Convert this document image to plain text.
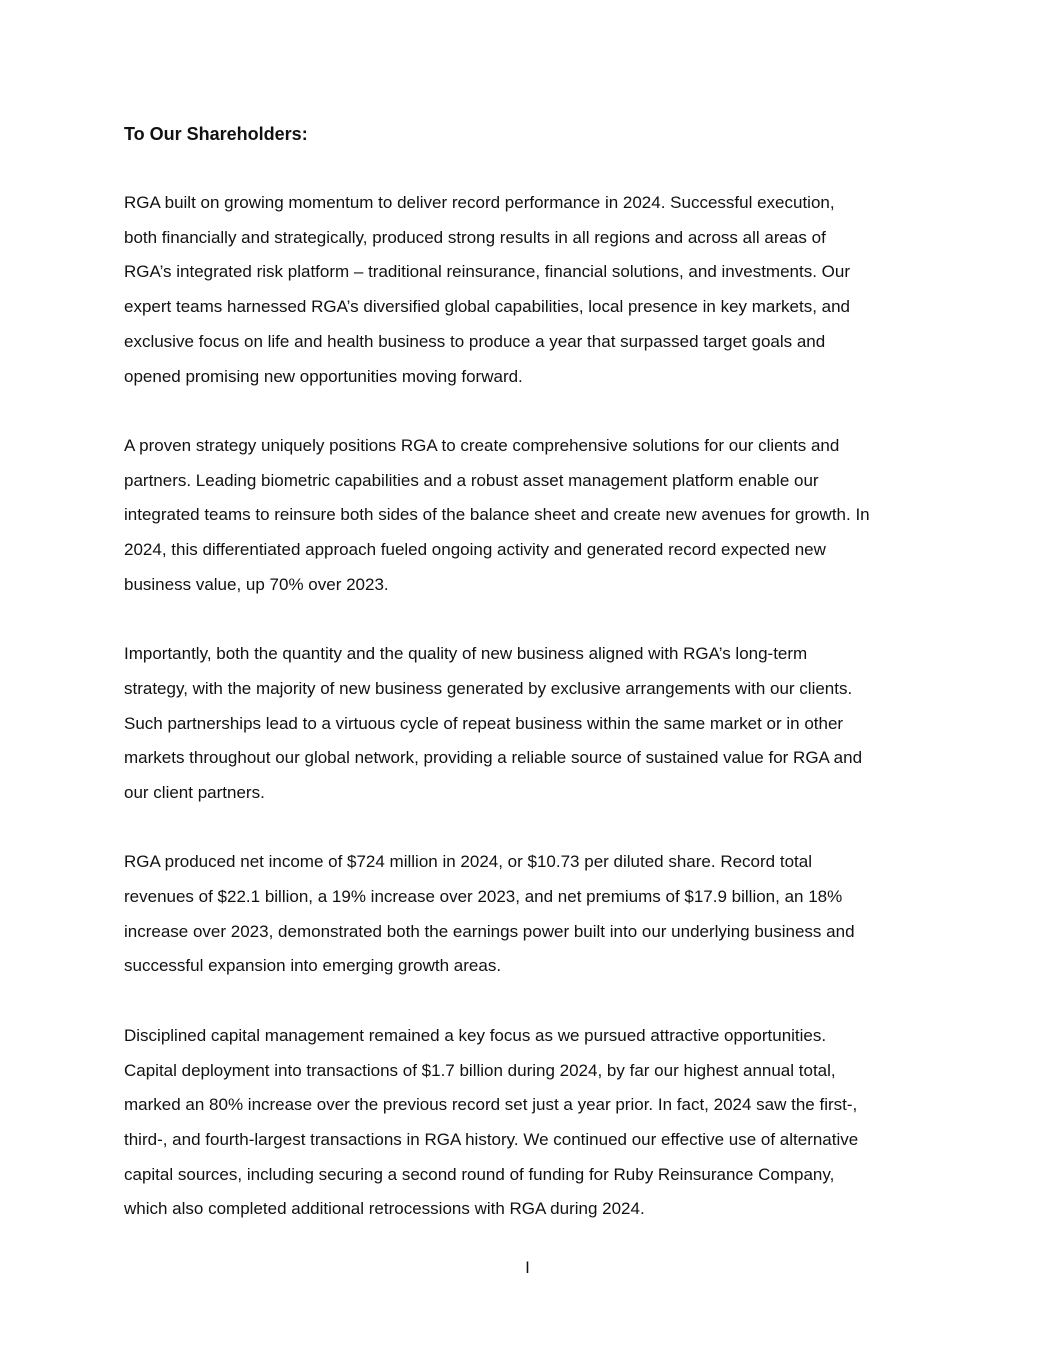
To Our Shareholders:
RGA built on growing momentum to deliver record performance in 2024. Successful execution,
both financially and strategically, produced strong results in all regions and across all areas of
RGA’s integrated risk platform – traditional reinsurance, financial solutions, and investments. Our
expert teams harnessed RGA’s diversified global capabilities, local presence in key markets, and
exclusive focus on life and health business to produce a year that surpassed target goals and
opened promising new opportunities moving forward.
A proven strategy uniquely positions RGA to create comprehensive solutions for our clients and
partners. Leading biometric capabilities and a robust asset management platform enable our
integrated teams to reinsure both sides of the balance sheet and create new avenues for growth. In
2024, this differentiated approach fueled ongoing activity and generated record expected new
business value, up 70% over 2023.
Importantly, both the quantity and the quality of new business aligned with RGA’s long-term
strategy, with the majority of new business generated by exclusive arrangements with our clients.
Such partnerships lead to a virtuous cycle of repeat business within the same market or in other
markets throughout our global network, providing a reliable source of sustained value for RGA and
our client partners.
RGA produced net income of $724 million in 2024, or $10.73 per diluted share. Record total
revenues of $22.1 billion, a 19% increase over 2023, and net premiums of $17.9 billion, an 18%
increase over 2023, demonstrated both the earnings power built into our underlying business and
successful expansion into emerging growth areas.
Disciplined capital management remained a key focus as we pursued attractive opportunities.
Capital deployment into transactions of $1.7 billion during 2024, by far our highest annual total,
marked an 80% increase over the previous record set just a year prior. In fact, 2024 saw the first-,
third-, and fourth-largest transactions in RGA history. We continued our effective use of alternative
capital sources, including securing a second round of funding for Ruby Reinsurance Company,
which also completed additional retrocessions with RGA during 2024.
I
